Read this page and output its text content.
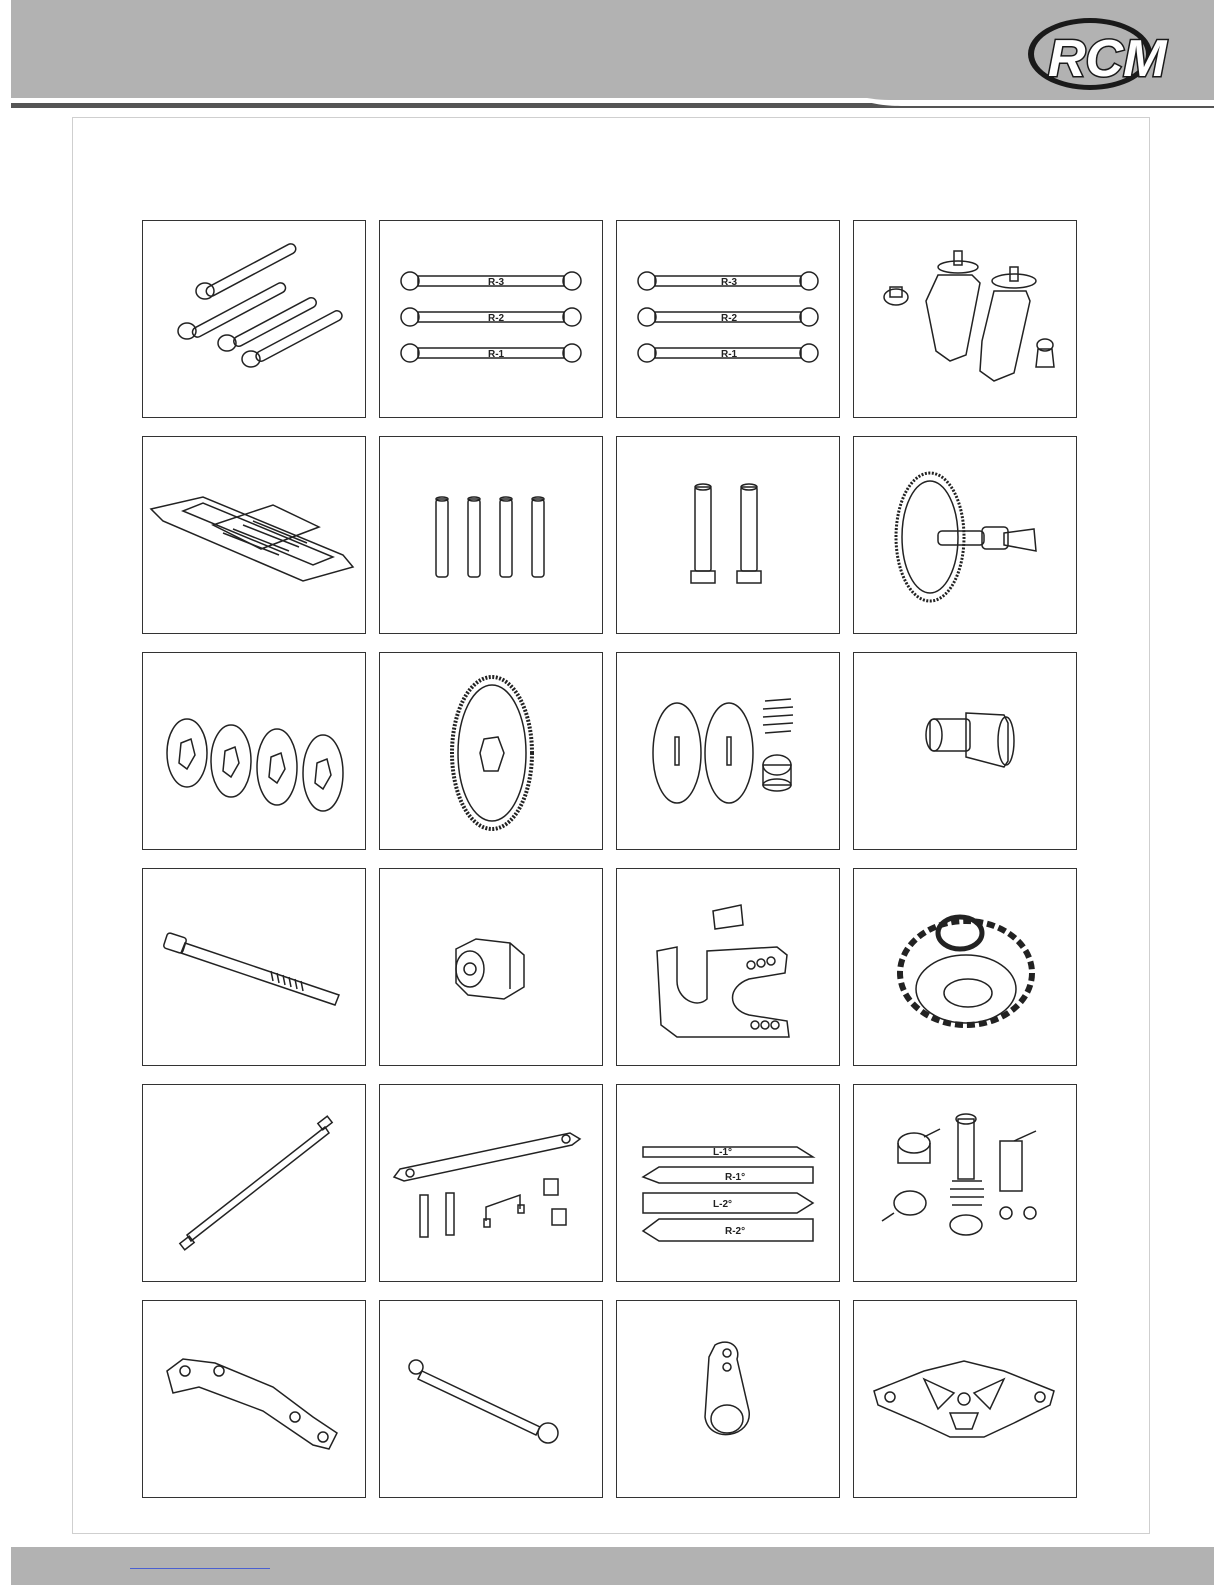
RCM
R-3
R-2
R-1
R-3
R-2
R-1
L-1°
R-1°
L-2°
R-2°
